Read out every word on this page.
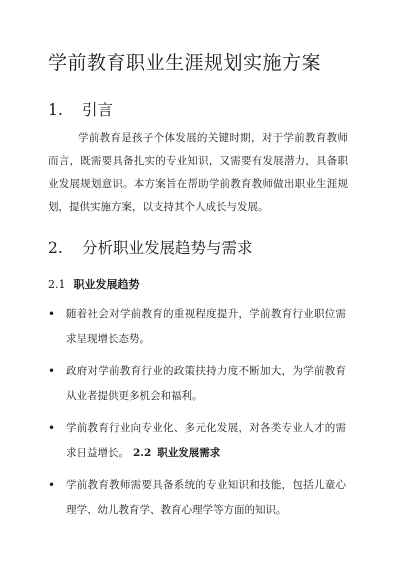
学前教育职业生涯规划实施方案
1. 引言

学前教育是孩子个体发展的关键时期，对于学前教育教师而言，既需要具备扎实的专业知识，又需要有发展潜力，具备职业发展规划意识。本方案旨在帮助学前教育教师做出职业生涯规划，提供实施方案，以支持其个人成长与发展。

2. 分析职业发展趋势与需求
2.1 职业发展趋势
• 随着社会对学前教育的重视程度提升，学前教育行业职位需求呈现增长态势。
• 政府对学前教育行业的政策扶持力度不断加大，为学前教育从业者提供更多机会和福利。
• 学前教育行业向专业化、多元化发展，对各类专业人才的需求日益增长。 2.2 职业发展需求
• 学前教育教师需要具备系统的专业知识和技能，包括儿童心理学、幼儿教育学、教育心理学等方面的知识。
